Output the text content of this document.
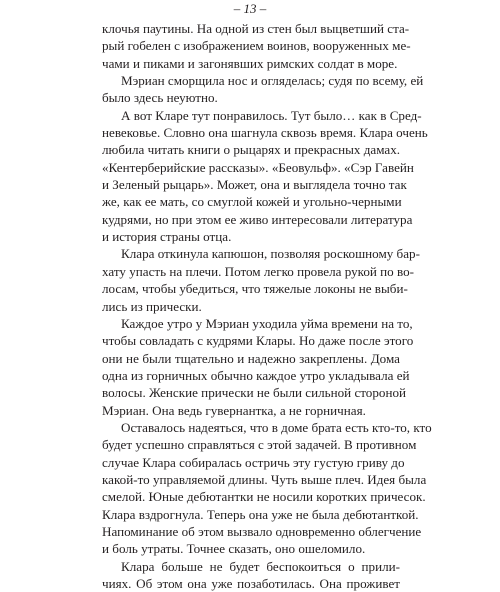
– 13 –
клочья паутины. На одной из стен был выцветший ста-
рый гобелен с изображением воинов, вооруженных ме-
чами и пиками и загонявших римских солдат в море.
Мэриан сморщила нос и огляделась; судя по всему, ей
было здесь неуютно.
А вот Кларе тут понравилось. Тут было… как в Сред-
невековье. Словно она шагнула сквозь время. Клара очень
любила читать книги о рыцарях и прекрасных дамах.
«Кентерберийские рассказы». «Беовульф». «Сэр Гавейн
и Зеленый рыцарь». Может, она и выглядела точно так
же, как ее мать, со смуглой кожей и угольно-черными
кудрями, но при этом ее живо интересовали литература
и история страны отца.
Клара откинула капюшон, позволяя роскошному бар-
хату упасть на плечи. Потом легко провела рукой по во-
лосам, чтобы убедиться, что тяжелые локоны не выби-
лись из прически.
Каждое утро у Мэриан уходила уйма времени на то,
чтобы совладать с кудрями Клары. Но даже после этого
они не были тщательно и надежно закреплены. Дома
одна из горничных обычно каждое утро укладывала ей
волосы. Женские прически не были сильной стороной
Мэриан. Она ведь гувернантка, а не горничная.
Оставалось надеяться, что в доме брата есть кто-то, кто
будет успешно справляться с этой задачей. В противном
случае Клара собиралась остричь эту густую гриву до
какой-то управляемой длины. Чуть выше плеч. Идея была
смелой. Юные дебютантки не носили коротких причесок.
Клара вздрогнула. Теперь она уже не была дебютанткой.
Напоминание об этом вызвало одновременно облегчение
и боль утраты. Точнее сказать, оно ошеломило.
Клара больше не будет беспокоиться о прили-
чиях. Об этом она уже позаботилась. Она проживет
